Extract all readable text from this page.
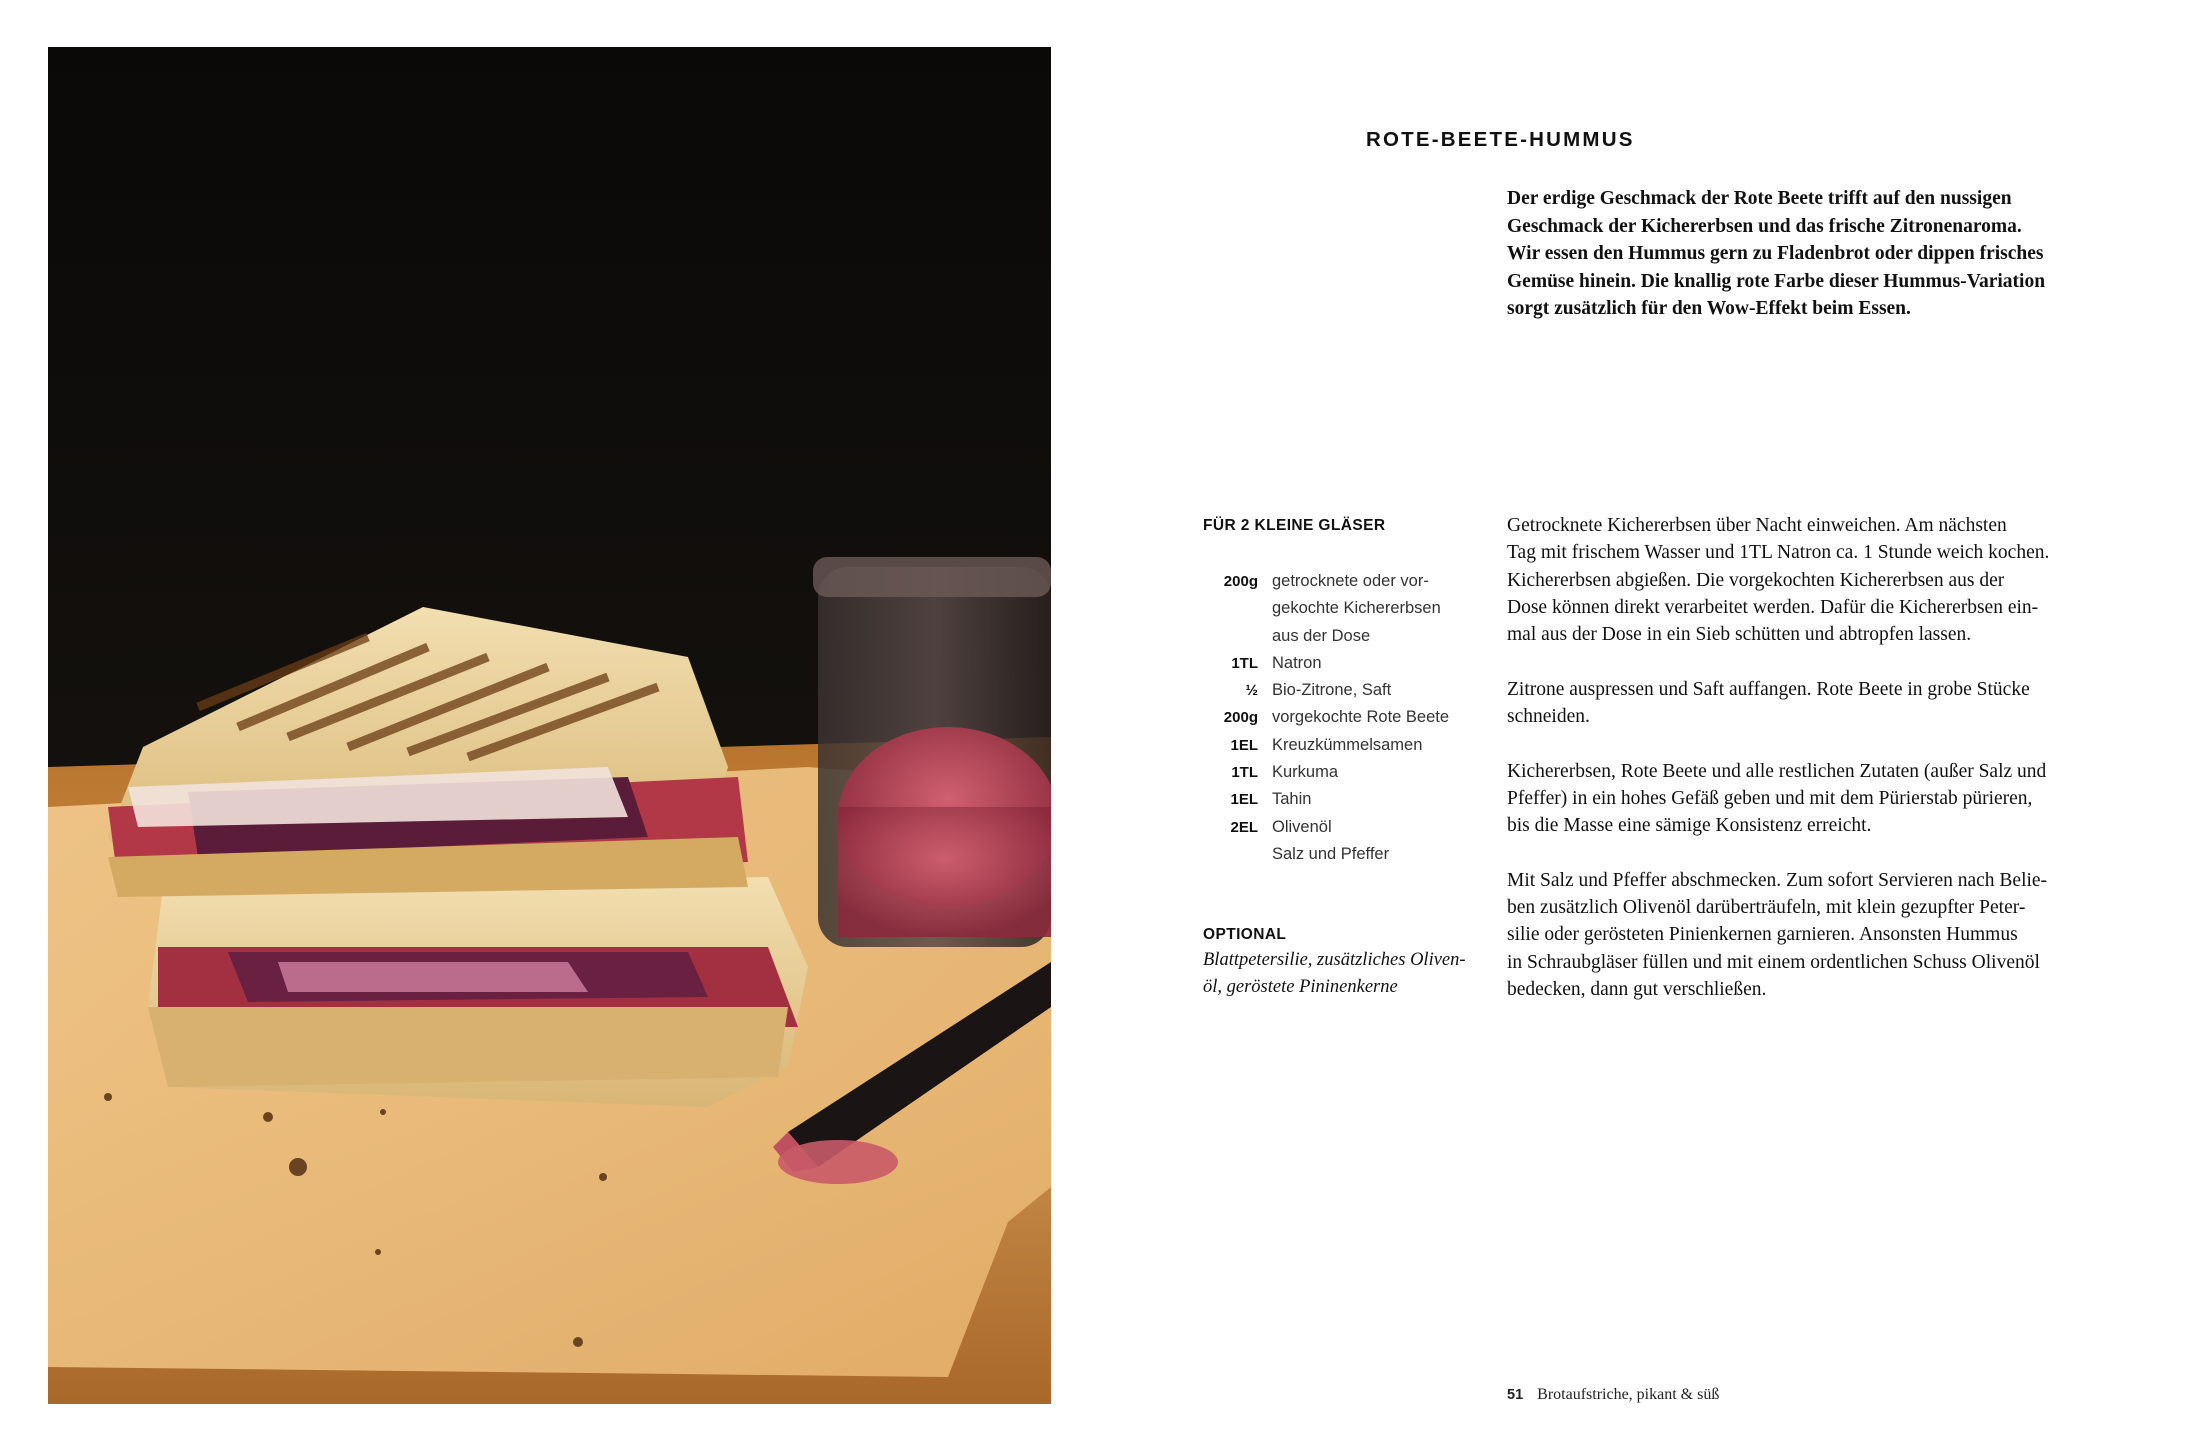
ROTE-BEETE-HUMMUS
Der erdige Geschmack der Rote Beete trifft auf den nussigen
Geschmack der Kichererbsen und das frische Zitronenaroma.
Wir essen den Hummus gern zu Fladenbrot oder dippen frisches
Gemüse hinein. Die knallig rote Farbe dieser Hummus-Variation
sorgt zusätzlich für den Wow-Effekt beim Essen.
FÜR 2 KLEINE GLÄSER
200g getrocknete oder vor-
gekochte Kichererbsen
aus der Dose
1TL Natron
½ Bio-Zitrone, Saft
200g vorgekochte Rote Beete
1EL Kreuzkümmelsamen
1TL Kurkuma
1EL Tahin
2EL Olivenöl
Salz und Pfeffer
OPTIONAL
Blattpetersilie, zusätzliches Oliven-
öl, geröstete Pininenkerne
Getrocknete Kichererbsen über Nacht einweichen. Am nächsten
Tag mit frischem Wasser und 1TL Natron ca. 1 Stunde weich kochen.
Kichererbsen abgießen. Die vorgekochten Kichererbsen aus der
Dose können direkt verarbeitet werden. Dafür die Kichererbsen ein-
mal aus der Dose in ein Sieb schütten und abtropfen lassen.
Zitrone auspressen und Saft auffangen. Rote Beete in grobe Stücke
schneiden.
Kichererbsen, Rote Beete und alle restlichen Zutaten (außer Salz und
Pfeffer) in ein hohes Gefäß geben und mit dem Pürierstab pürieren,
bis die Masse eine sämige Konsistenz erreicht.
Mit Salz und Pfeffer abschmecken. Zum sofort Servieren nach Belie-
ben zusätzlich Olivenöl darüberträufeln, mit klein gezupfter Peter-
silie oder gerösteten Pinienkernen garnieren. Ansonsten Hummus
in Schraubgläser füllen und mit einem ordentlichen Schuss Olivenöl
bedecken, dann gut verschließen.
51 Brotaufstriche, pikant & süß
